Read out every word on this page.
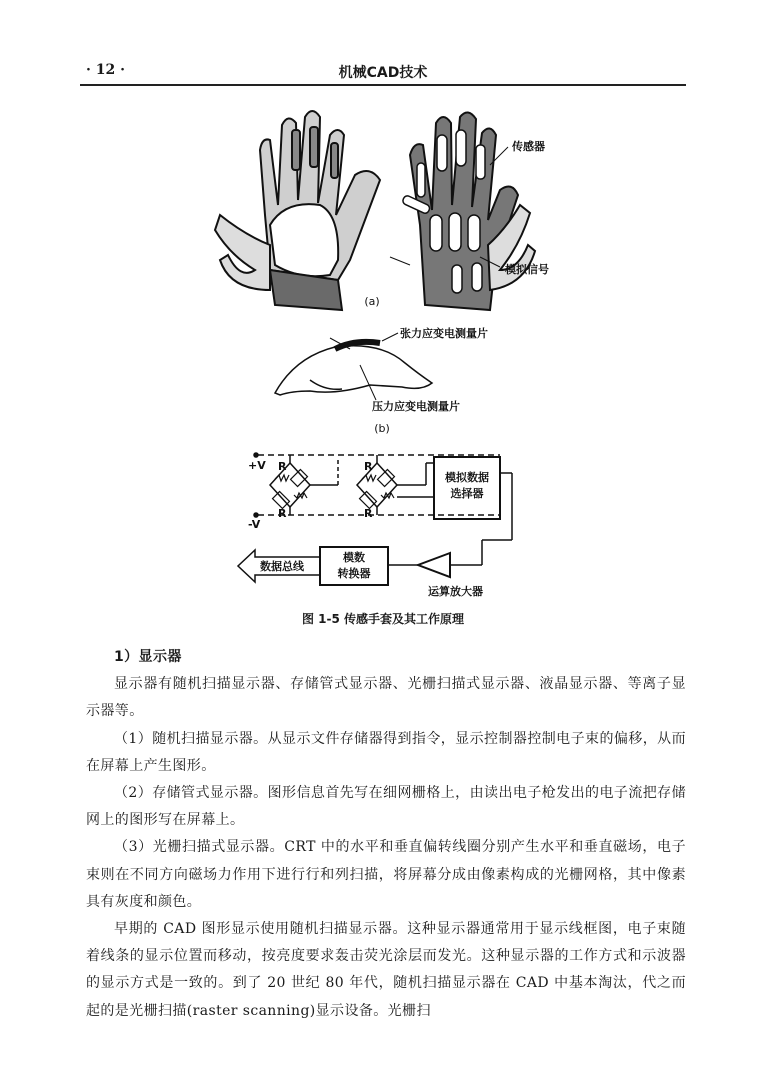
· 12 ·	机械CAD技术
传感器
模拟信号
(a)
张力应变电测量片
压力应变电测量片
(b)
+V
-V
R
R
R
R
模拟数据
选择器
模数
转换器
数据总线
运算放大器
图 1-5 传感手套及其工作原理
1）显示器

显示器有随机扫描显示器、存储管式显示器、光栅扫描式显示器、液晶显示器、等离子显示器等。

（1）随机扫描显示器。从显示文件存储器得到指令，显示控制器控制电子束的偏移，从而在屏幕上产生图形。

（2）存储管式显示器。图形信息首先写在细网栅格上，由读出电子枪发出的电子流把存储网上的图形写在屏幕上。

（3）光栅扫描式显示器。CRT 中的水平和垂直偏转线圈分别产生水平和垂直磁场，电子束则在不同方向磁场力作用下进行行和列扫描，将屏幕分成由像素构成的光栅网格，其中像素具有灰度和颜色。

早期的 CAD 图形显示使用随机扫描显示器。这种显示器通常用于显示线框图，电子束随着线条的显示位置而移动，按亮度要求轰击荧光涂层而发光。这种显示器的工作方式和示波器的显示方式是一致的。到了 20 世纪 80 年代，随机扫描显示器在 CAD 中基本淘汰，代之而起的是光栅扫描(raster scanning)显示设备。光栅扫
